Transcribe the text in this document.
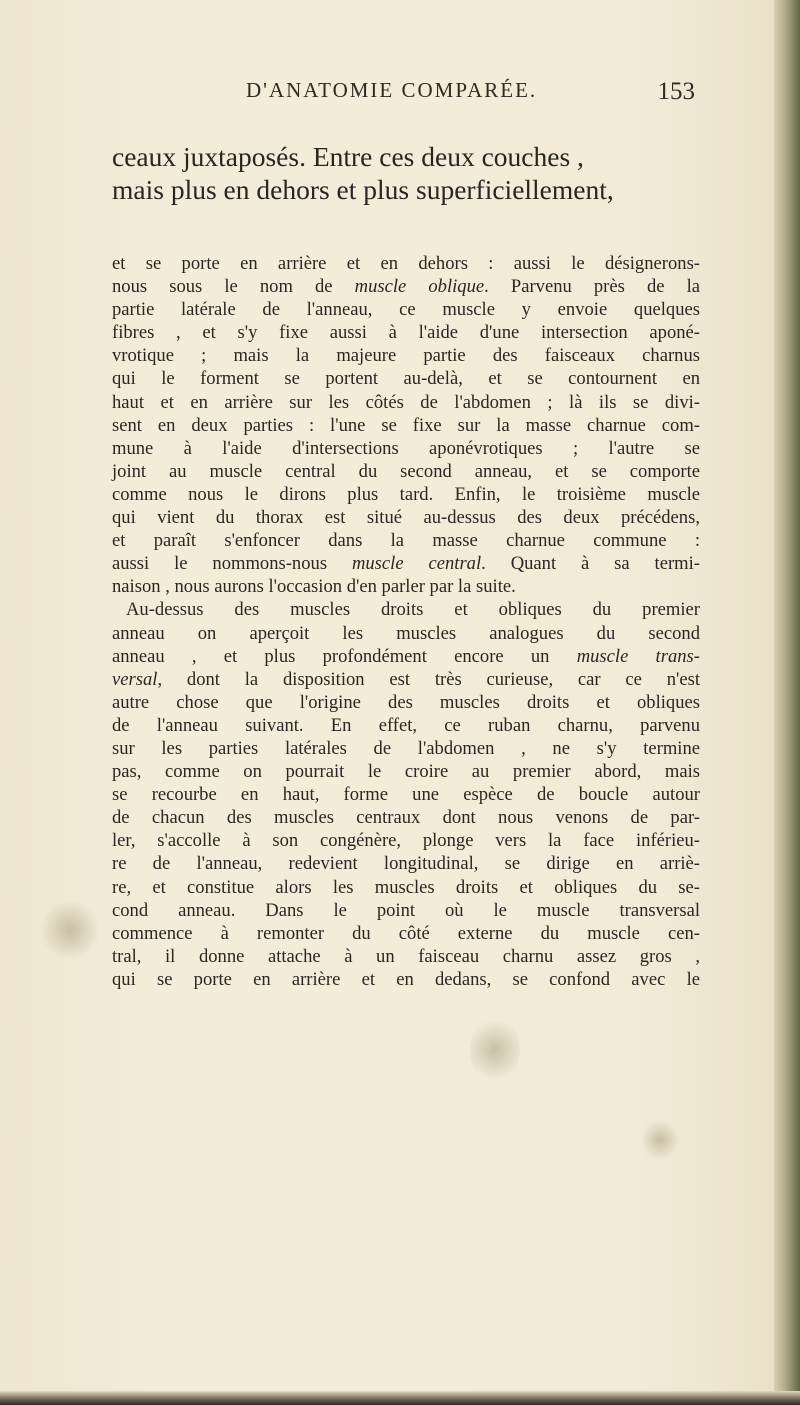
D'ANATOMIE COMPARÉE.	153
ceaux juxtaposés. Entre ces deux couches ,
mais plus en dehors et plus superficiellement,
et se porte en arrière et en dehors : aussi le désignerons-
nous sous le nom de muscle oblique. Parvenu près de la
partie latérale de l'anneau, ce muscle y envoie quelques
fibres , et s'y fixe aussi à l'aide d'une intersection aponé-
vrotique ; mais la majeure partie des faisceaux charnus
qui le forment se portent au-delà, et se contournent en
haut et en arrière sur les côtés de l'abdomen ; là ils se divi-
sent en deux parties : l'une se fixe sur la masse charnue com-
mune à l'aide d'intersections aponévrotiques ; l'autre se
joint au muscle central du second anneau, et se comporte
comme nous le dirons plus tard. Enfin, le troisième muscle
qui vient du thorax est situé au-dessus des deux précédens,
et paraît s'enfoncer dans la masse charnue commune :
aussi le nommons-nous muscle central. Quant à sa termi-
naison , nous aurons l'occasion d'en parler par la suite.
Au-dessus des muscles droits et obliques du premier
anneau on aperçoit les muscles analogues du second
anneau , et plus profondément encore un muscle trans-
versal, dont la disposition est très curieuse, car ce n'est
autre chose que l'origine des muscles droits et obliques
de l'anneau suivant. En effet, ce ruban charnu, parvenu
sur les parties latérales de l'abdomen , ne s'y termine
pas, comme on pourrait le croire au premier abord, mais
se recourbe en haut, forme une espèce de boucle autour
de chacun des muscles centraux dont nous venons de par-
ler, s'accolle à son congénère, plonge vers la face inférieu-
re de l'anneau, redevient longitudinal, se dirige en arriè-
re, et constitue alors les muscles droits et obliques du se-
cond anneau. Dans le point où le muscle transversal
commence à remonter du côté externe du muscle cen-
tral, il donne attache à un faisceau charnu assez gros ,
qui se porte en arrière et en dedans, se confond avec le
